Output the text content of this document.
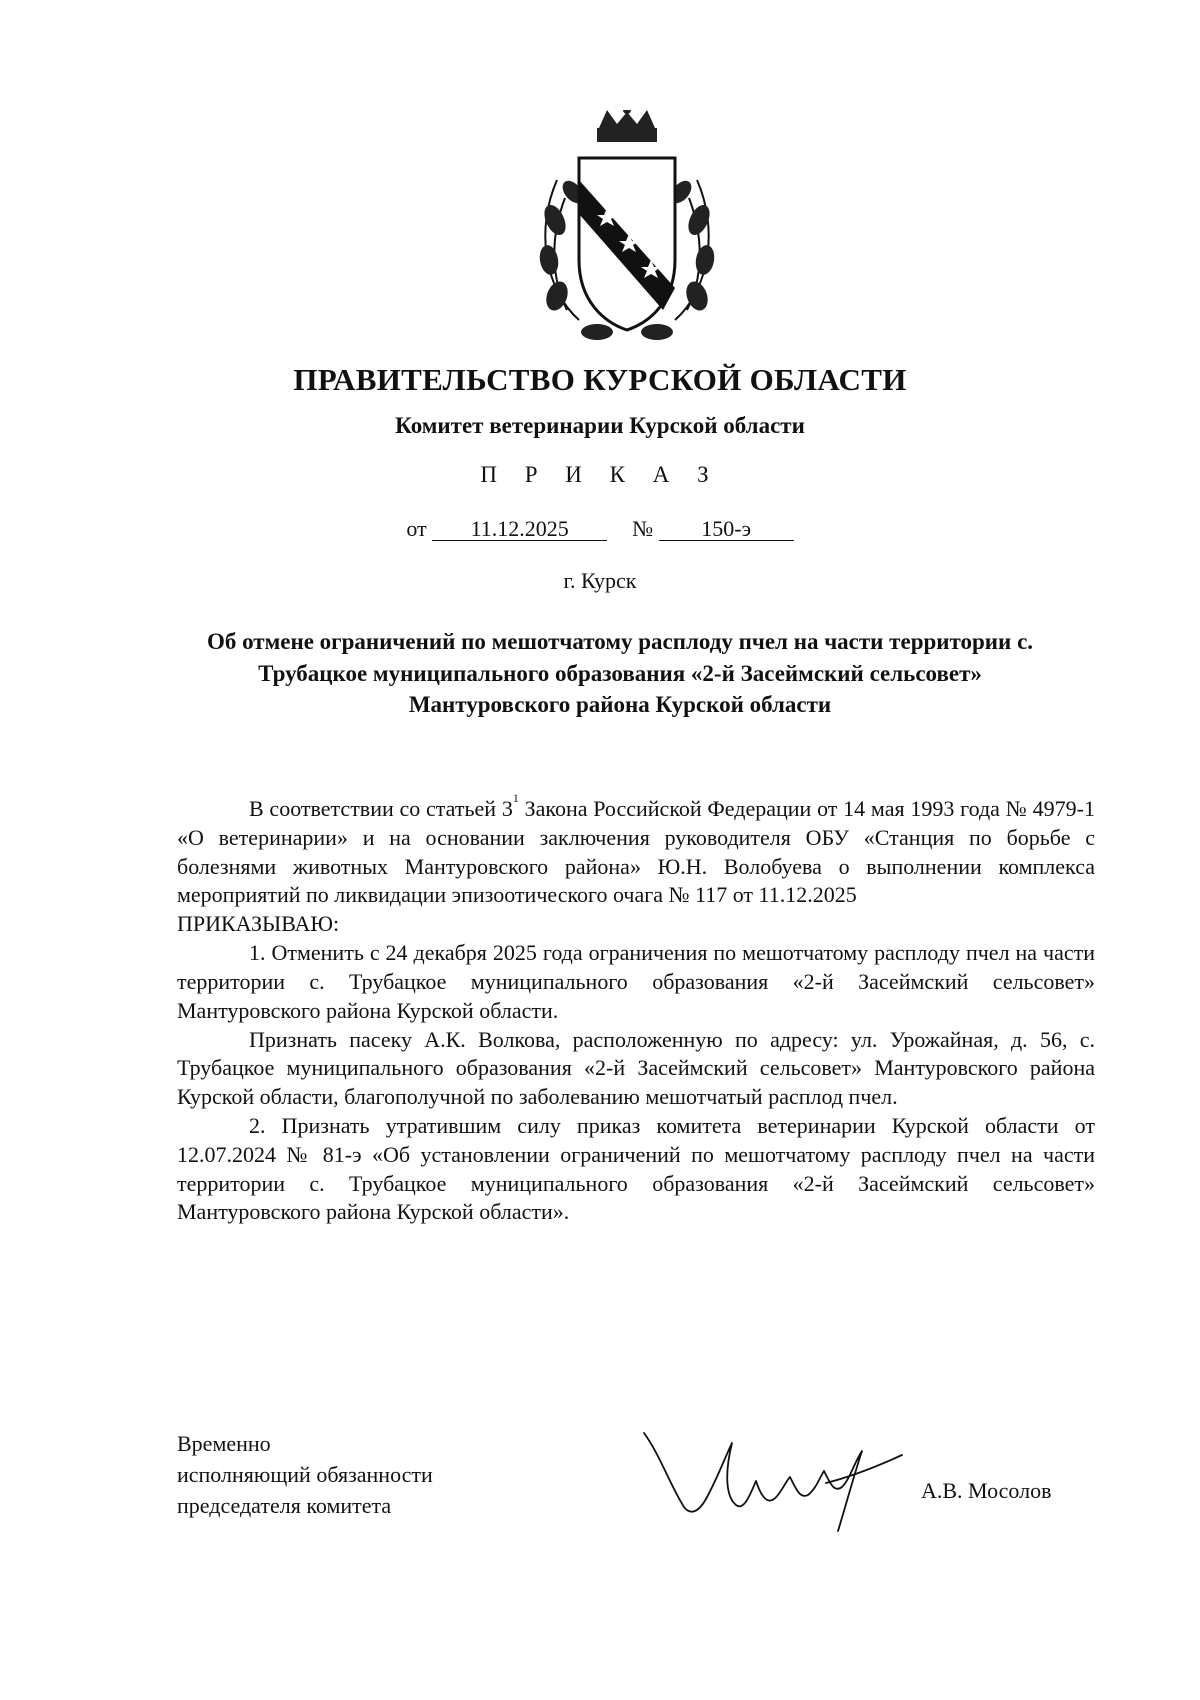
ПРАВИТЕЛЬСТВО КУРСКОЙ ОБЛАСТИ
Комитет ветеринарии Курской области
П Р И К А З
от 11.12.2025	№ 150-э
г. Курск
Об отмене ограничений по мешотчатому расплоду пчел на части территории с. Трубацкое муниципального образования «2-й Засеймский сельсовет» Мантуровского района Курской области

В соответствии со статьей $3^1$ Закона Российской Федерации от 14 мая 1993 года № 4979-1 «О ветеринарии» и на основании заключения руководителя ОБУ «Станция по борьбе с болезнями животных Мантуровского района» Ю.Н. Волобуева о выполнении комплекса мероприятий по ликвидации эпизоотического очага № 117 от 11.12.2025

ПРИКАЗЫВАЮ:

1. Отменить с 24 декабря 2025 года ограничения по мешотчатому расплоду пчел на части территории с. Трубацкое муниципального образования «2-й Засеймский сельсовет» Мантуровского района Курской области.

Признать пасеку А.К. Волкова, расположенную по адресу: ул. Урожайная, д. 56, с. Трубацкое муниципального образования «2-й Засеймский сельсовет» Мантуровского района Курской области, благополучной по заболеванию мешотчатый расплод пчел.

2. Признать утратившим силу приказ комитета ветеринарии Курской области от 12.07.2024 № 81-э «Об установлении ограничений по мешотчатому расплоду пчел на части территории с. Трубацкое муниципального образования «2-й Засеймский сельсовет» Мантуровского района Курской области».

Временно
исполняющий обязанности
председателя комитета
А.В. Мосолов
